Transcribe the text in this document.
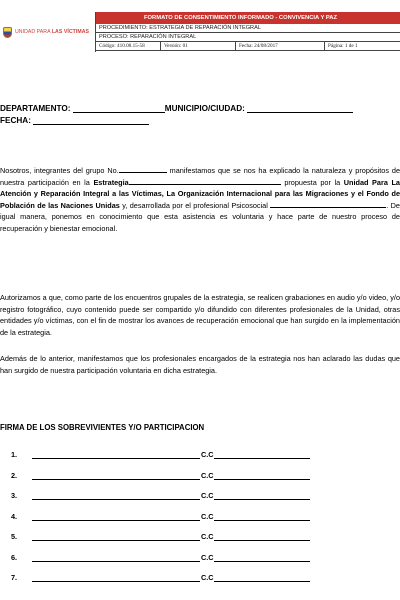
UNIDAD PARA LAS VÍCTIMAS
FORMATO DE CONSENTIMIENTO INFORMADO - CONVIVENCIA Y PAZ
PROCEDIMIENTO: ESTRATEGIA DE REPARACIÓN INTEGRAL
PROCESO: REPARACIÓN INTEGRAL
Código: 410.08.15-58	Versión: 01	Fecha: 24/08/2017	Página: 1 de 1
DEPARTAMENTO:	MUNICIPIO/CIUDAD:
FECHA:
Nosotros, integrantes del grupo No.	manifestamos que se nos ha explicado la naturaleza y propósitos de nuestra participación en la Estrategia	propuesta por la Unidad Para La Atención y Reparación Integral a las Víctimas, La Organización Internacional para las Migraciones y el Fondo de Población de las Naciones Unidas y, desarrollada por el profesional Psicosocial	. De igual manera, ponemos en conocimiento que esta asistencia es voluntaria y hace parte de nuestro proceso de recuperación y bienestar emocional.
Autorizamos a que, como parte de los encuentros grupales de la estrategia, se realicen grabaciones en audio y/o video, y/o registro fotográfico, cuyo contenido puede ser compartido y/o difundido con diferentes profesionales de la Unidad, otras entidades y/o víctimas, con el fin de mostrar los avances de recuperación emocional que han surgido en la implementación de la estrategia.
Además de lo anterior, manifestamos que los profesionales encargados de la estrategia nos han aclarado las dudas que han surgido de nuestra participación voluntaria en dicha estrategia.
FIRMA DE LOS SOBREVIVIENTES Y/O PARTICIPACION
1.	C.C
2.	C.C
3.	C.C
4.	C.C
5.	C.C
6.	C.C
7.	C.C
